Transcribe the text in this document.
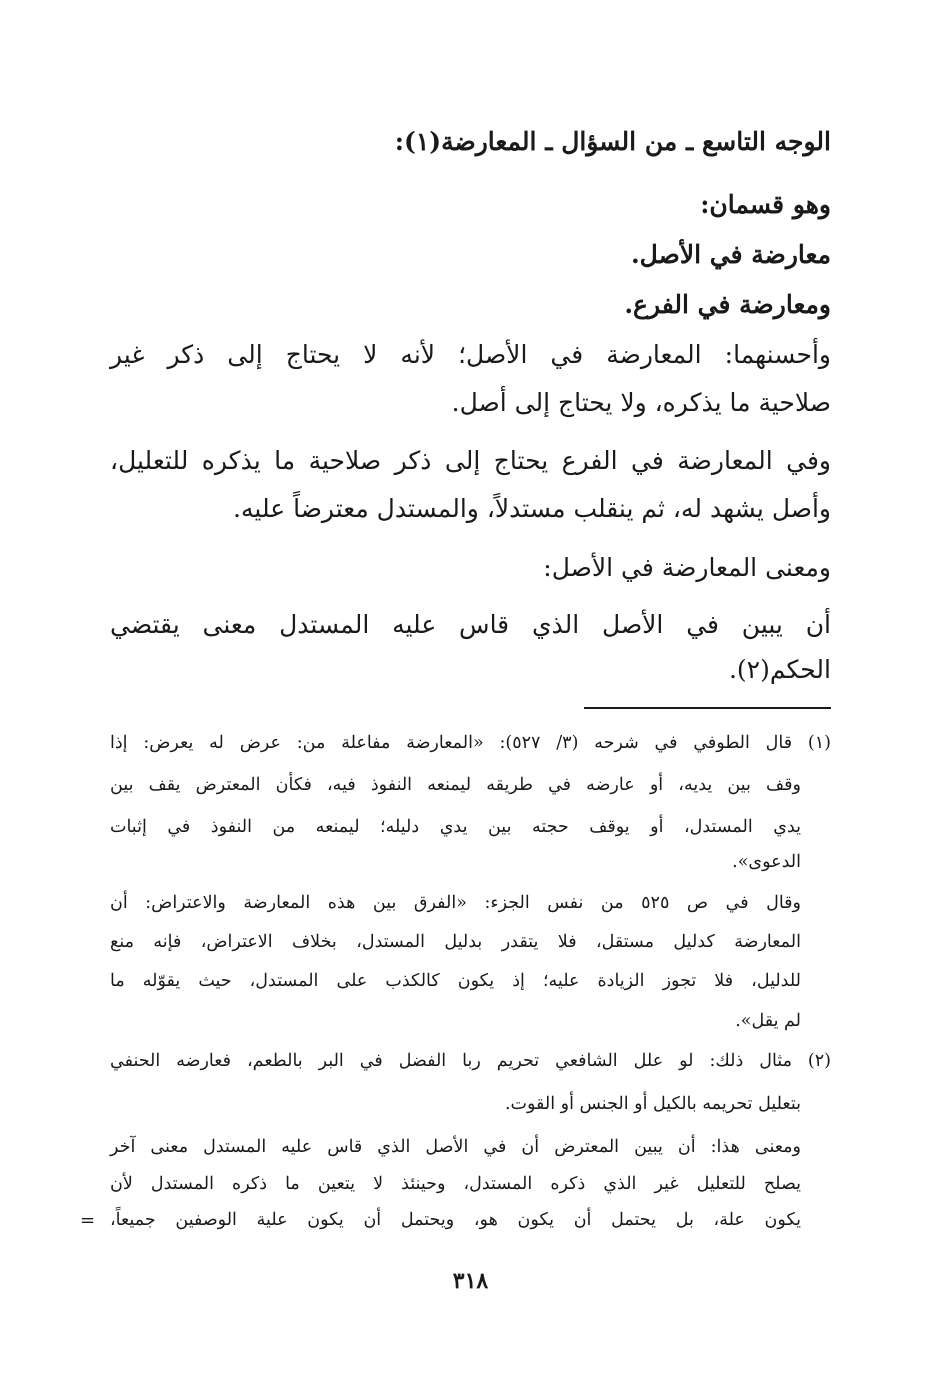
الوجه التاسع ـ من السؤال ـ المعارضة(١):
وهو قسمان:
معارضة في الأصل.
ومعارضة في الفرع.
وأحسنهما: المعارضة في الأصل؛ لأنه لا يحتاج إلى ذكر غير
صلاحية ما يذكره، ولا يحتاج إلى أصل.
وفي المعارضة في الفرع يحتاج إلى ذكر صلاحية ما يذكره للتعليل،
وأصل يشهد له، ثم ينقلب مستدلاً، والمستدل معترضاً عليه.
ومعنى المعارضة في الأصل:
أن يبين في الأصل الذي قاس عليه المستدل معنى يقتضي
الحكم(٢).
(١) قال الطوفي في شرحه (٣/ ٥٢٧): «المعارضة مفاعلة من: عرض له يعرض: إذا
وقف بين يديه، أو عارضه في طريقه ليمنعه النفوذ فيه، فكأن المعترض يقف بين
يدي المستدل، أو يوقف حجته بين يدي دليله؛ ليمنعه من النفوذ في إثبات
الدعوى».
وقال في ص ٥٢٥ من نفس الجزء: «الفرق بين هذه المعارضة والاعتراض: أن
المعارضة كدليل مستقل، فلا يتقدر بدليل المستدل، بخلاف الاعتراض، فإنه منع
للدليل، فلا تجوز الزيادة عليه؛ إذ يكون كالكذب على المستدل، حيث يقوّله ما
لم يقل».
(٢) مثال ذلك: لو علل الشافعي تحريم ربا الفضل في البر بالطعم، فعارضه الحنفي
بتعليل تحريمه بالكيل أو الجنس أو القوت.
ومعنى هذا: أن يبين المعترض أن في الأصل الذي قاس عليه المستدل معنى آخر
يصلح للتعليل غير الذي ذكره المستدل، وحينئذ لا يتعين ما ذكره المستدل لأن
يكون علة، بل يحتمل أن يكون هو، ويحتمل أن يكون علية الوصفين جميعاً،
=
٣١٨
